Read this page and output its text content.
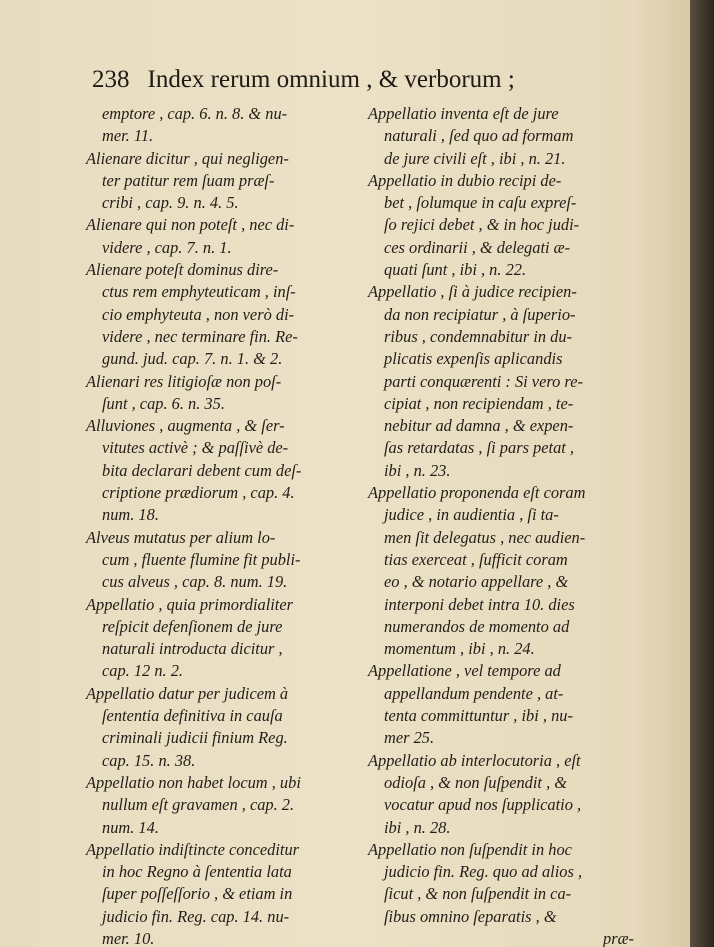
238 Index rerum omnium , & verborum ;
emptore , cap. 6. n. 8. & nu-
mer. 11.
Alienare dicitur , qui negligen-
ter patitur rem ſuam præſ-
cribi , cap. 9. n. 4. 5.
Alienare qui non poteſt , nec di-
videre , cap. 7. n. 1.
Alienare poteſt dominus dire-
ctus rem emphyteuticam , inſ-
cio emphyteuta , non verò di-
videre , nec terminare fin. Re-
gund. jud. cap. 7. n. 1. & 2.
Alienari res litigioſæ non poſ-
ſunt , cap. 6. n. 35.
Alluviones , augmenta , & ſer-
vitutes activè ; & paſſivè de-
bita declarari debent cum deſ-
criptione prædiorum , cap. 4.
num. 18.
Alveus mutatus per alium lo-
cum , fluente flumine fit publi-
cus alveus , cap. 8. num. 19.
Appellatio , quia primordialiter
reſpicit defenſionem de jure
naturali introducta dicitur ,
cap. 12 n. 2.
Appellatio datur per judicem à
ſententia definitiva in cauſa
criminali judicii finium Reg.
cap. 15. n. 38.
Appellatio non habet locum , ubi
nullum eſt gravamen , cap. 2.
num. 14.
Appellatio indiſtincte conceditur
in hoc Regno à ſententia lata
ſuper poſſeſſorio , & etiam in
judicio fin. Reg. cap. 14. nu-
mer. 10.
Appellatio inventa eſt de jure
naturali , ſed quo ad formam
de jure civili eſt , ibi , n. 21.
Appellatio in dubio recipi de-
bet , ſolumque in caſu expreſ-
ſo rejici debet , & in hoc judi-
ces ordinarii , & delegati æ-
quati ſunt , ibi , n. 22.
Appellatio , ſi à judice recipien-
da non recipiatur , à ſuperio-
ribus , condemnabitur in du-
plicatis expenſis aplicandis
parti conquærenti : Si vero re-
cipiat , non recipiendam , te-
nebitur ad damna , & expen-
ſas retardatas , ſi pars petat ,
ibi , n. 23.
Appellatio proponenda eſt coram
judice , in audientia , ſi ta-
men ſit delegatus , nec audien-
tias exerceat , ſufficit coram
eo , & notario appellare , &
interponi debet intra 10. dies
numerandos de momento ad
momentum , ibi , n. 24.
Appellatione , vel tempore ad
appellandum pendente , at-
tenta committuntur , ibi , nu-
mer 25.
Appellatio ab interlocutoria , eſt
odioſa , & non ſuſpendit , &
vocatur apud nos ſupplicatio ,
ibi , n. 28.
Appellatio non ſuſpendit in hoc
judicio fin. Reg. quo ad alios ,
ſicut , & non ſuſpendit in ca-
ſibus omnino ſeparatis , &
præ-
